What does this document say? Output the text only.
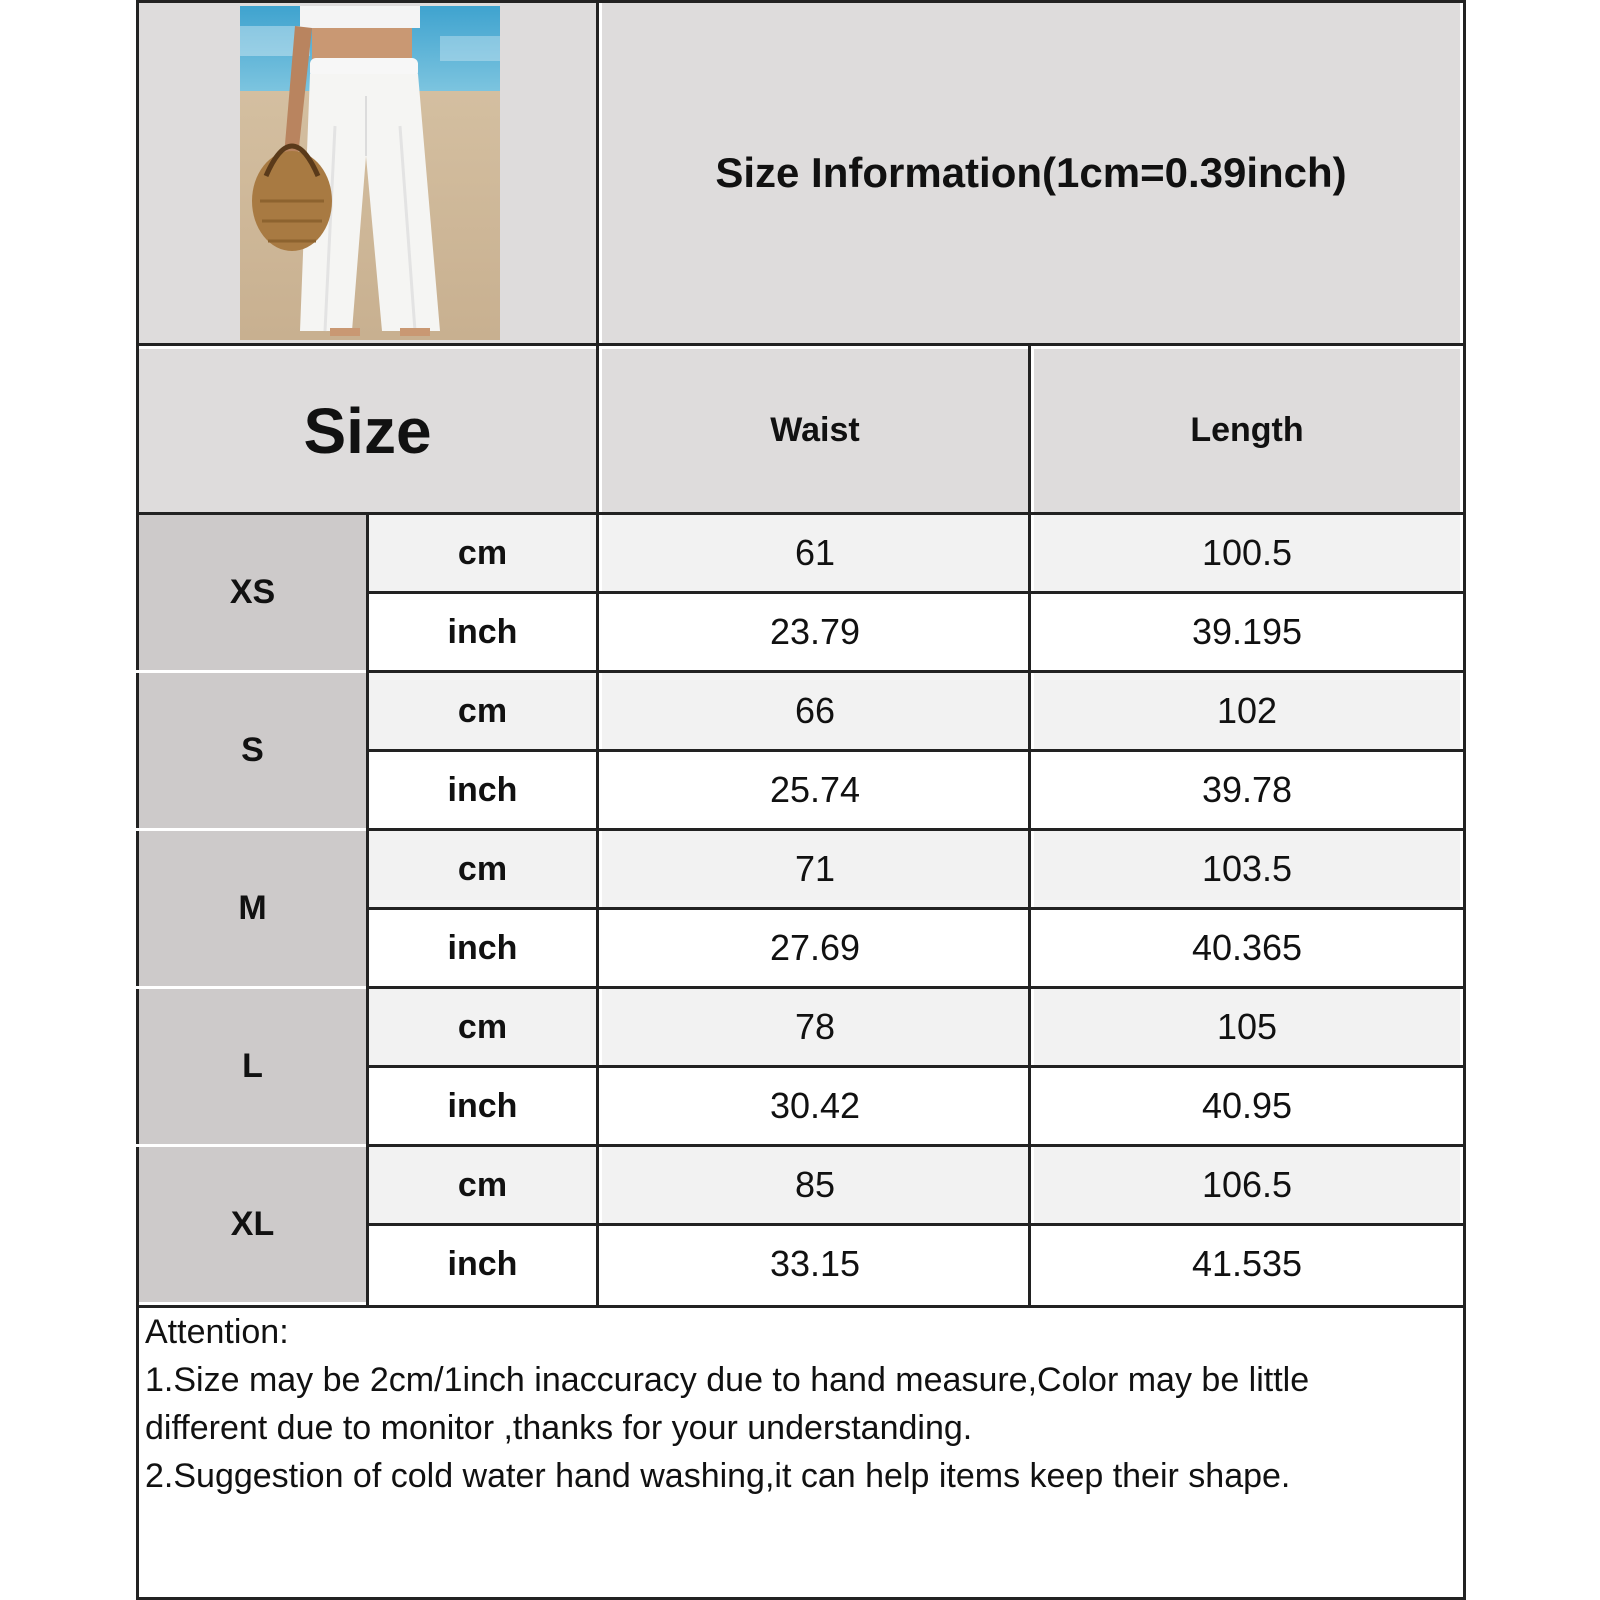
Size Information(1cm=0.39inch)
Size	Waist	Length
XS
cm	61	100.5
inch	23.79	39.195
S
cm	66	102
inch	25.74	39.78
M
cm	71	103.5
inch	27.69	40.365
L
cm	78	105
inch	30.42	40.95
XL
cm	85	106.5
inch	33.15	41.535
Attention:
1.Size may be 2cm/1inch inaccuracy due to hand measure,Color may be little
different due to monitor ,thanks for your understanding.
2.Suggestion of cold water hand washing,it can help items keep their shape.
